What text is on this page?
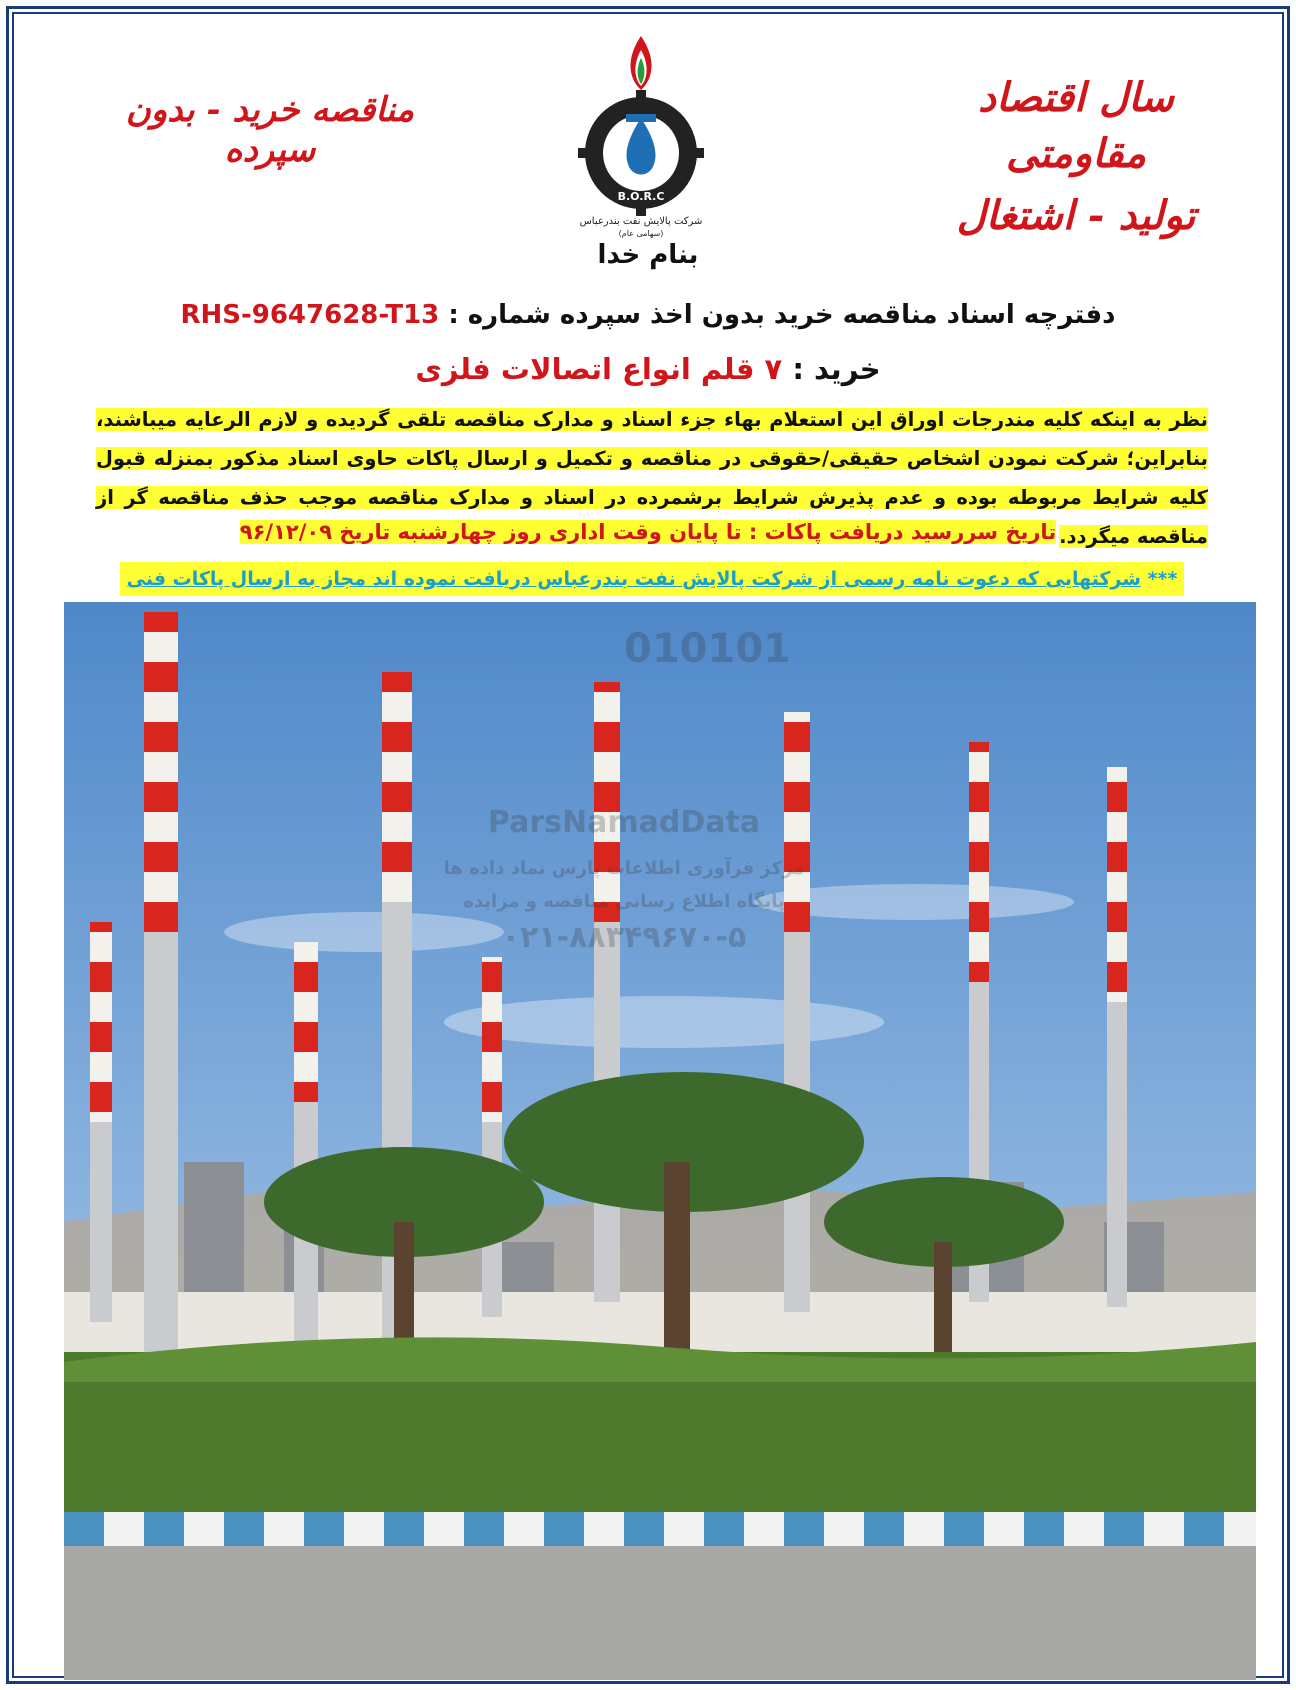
سال اقتصاد مقاومتی
تولید - اشتغال
مناقصه خرید - بدون سپرده
B.O.R.C
شرکت پالایش نفت بندرعباس
(سهامی عام)
بنام خدا
دفترچه اسناد مناقصه خرید بدون اخذ سپرده شماره : RHS-9647628-T13
خرید : ۷ قلم انواع اتصالات فلزی
نظر به اینکه کلیه مندرجات اوراق این استعلام بهاء جزء اسناد و مدارک مناقصه تلقی گردیده و لازم الرعایه میباشند، بنابراین؛ شرکت نمودن اشخاص حقیقی/حقوقی در مناقصه و تکمیل و ارسال پاکات حاوی اسناد مذکور بمنزله قبول کلیه شرایط مربوطه بوده و عدم پذیرش شرایط برشمرده در اسناد و مدارک مناقصه موجب حذف مناقصه گر از مناقصه میگردد.
تاریخ سررسید دریافت پاکات : تا پایان وقت اداری روز چهارشنبه تاریخ ۹۶/۱۲/۰۹
*** شرکتهایی که دعوت نامه رسمی از شرکت پالایش نفت بندرعباس دریافت نموده اند مجاز به ارسال پاکات فنی
010101
ParsNamadData
مرکز فرآوری اطلاعات پارس نماد داده ها
پایگاه اطلاع رسانی مناقصه و مزایده
۰۲۱-۸۸۳۴۹۶۷۰-۵
